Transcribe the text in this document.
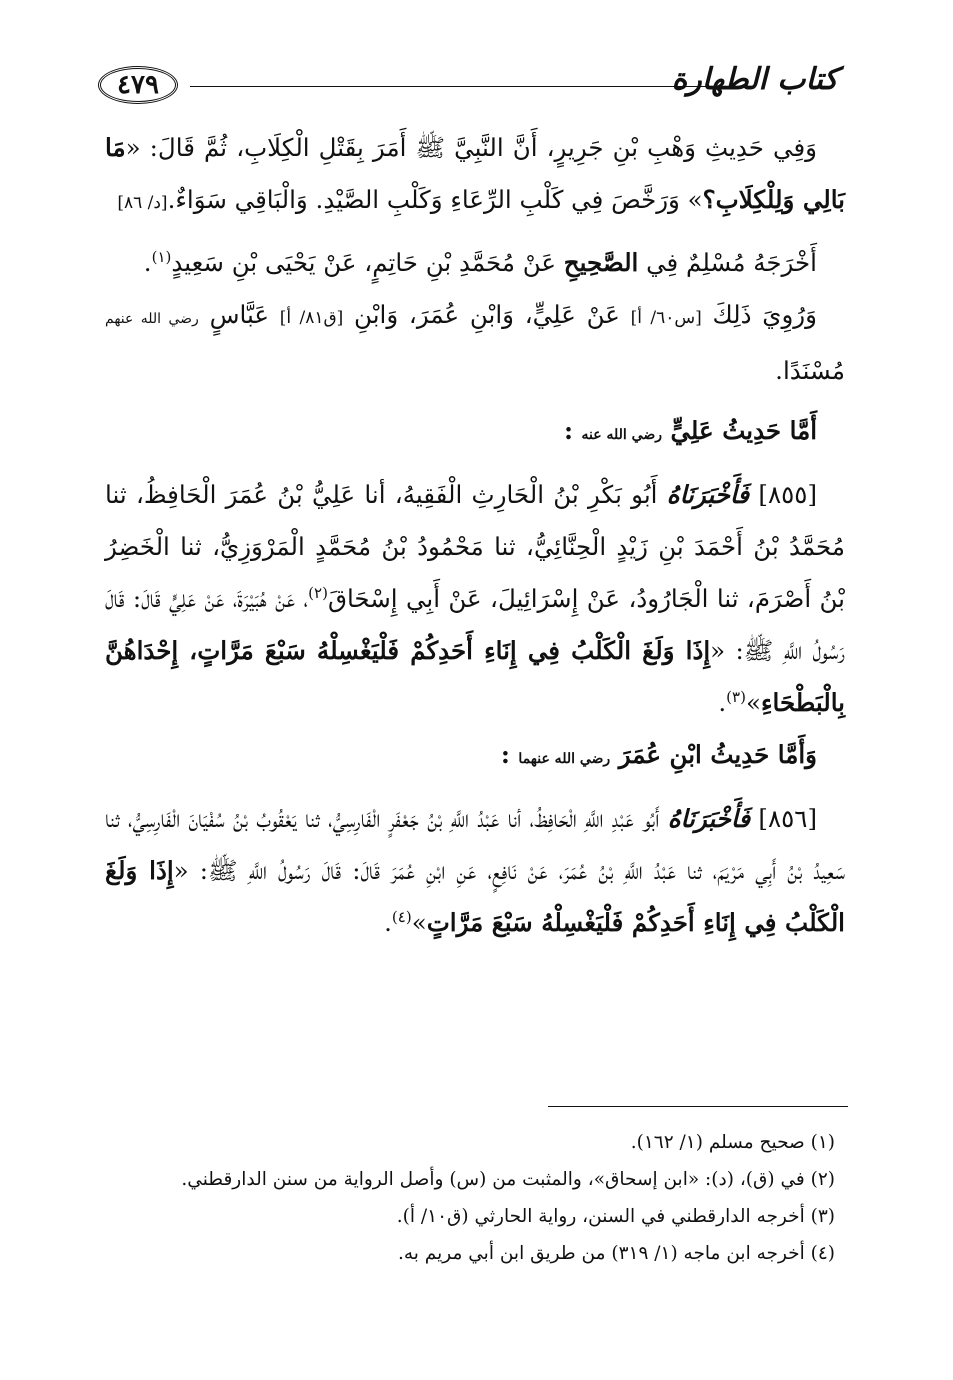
٤٧٩	كتاب الطهارة

وَفِي حَدِيثِ وَهْبِ بْنِ جَرِيرٍ، أَنَّ النَّبِيَّ ﷺ أَمَرَ بِقَتْلِ الْكِلَابِ، ثُمَّ قَالَ: «مَا بَالِي وَلِلْكِلَابِ؟» وَرَخَّصَ فِي كَلْبِ الرِّعَاءِ وَكَلْبِ الصَّيْدِ. وَالْبَاقِي سَوَاءٌ.[د/ ٨٦]

أَخْرَجَهُ مُسْلِمٌ فِي الصَّحِيحِ عَنْ مُحَمَّدِ بْنِ حَاتِمٍ، عَنْ يَحْيَى بْنِ سَعِيدٍ$^{(١)}$.

وَرُوِيَ ذَلِكَ [س٦٠/ أ] عَنْ عَلِيٍّ، وَابْنِ عُمَرَ، وَابْنِ [ق٨١/ أ] عَبَّاسٍ رضي الله عنهم مُسْنَدًا.

أَمَّا حَدِيثُ عَلِيٍّ رضي الله عنه :

[٨٥٥] فَأَخْبَرَنَاهُ أَبُو بَكْرِ بْنُ الْحَارِثِ الْفَقِيهُ، أنا عَلِيُّ بْنُ عُمَرَ الْحَافِظُ، ثنا مُحَمَّدُ بْنُ أَحْمَدَ بْنِ زَيْدٍ الْحِنَّائِيُّ، ثنا مَحْمُودُ بْنُ مُحَمَّدٍ الْمَرْوَزِيُّ، ثنا الْخَضِرُ بْنُ أَصْرَمَ، ثنا الْجَارُودُ، عَنْ إِسْرَائِيلَ، عَنْ أَبِي إِسْحَاقَ$^{(٢)}$، عَنْ هُبَيْرَةَ، عَنْ عَلِيٍّ قَالَ: قَالَ رَسُولُ اللَّهِ ﷺ: «إِذَا وَلَغَ الْكَلْبُ فِي إِنَاءِ أَحَدِكُمْ فَلْيَغْسِلْهُ سَبْعَ مَرَّاتٍ، إِحْدَاهُنَّ بِالْبَطْحَاءِ»$^{(٣)}$.

وَأَمَّا حَدِيثُ ابْنِ عُمَرَ رضي الله عنهما :

[٨٥٦] فَأَخْبَرَنَاهُ أَبُو عَبْدِ اللَّهِ الْحَافِظُ، أنا عَبْدُ اللَّهِ بْنُ جَعْفَرٍ الْفَارِسِيُّ، ثنا يَعْقُوبُ بْنُ سُفْيَانَ الْفَارِسِيُّ، ثنا سَعِيدُ بْنُ أَبِي مَرْيَمَ، ثنا عَبْدُ اللَّهِ بْنُ عُمَرَ، عَنْ نَافِعٍ، عَنِ ابْنِ عُمَرَ قَالَ: قَالَ رَسُولُ اللَّهِ ﷺ: «إِذَا وَلَغَ الْكَلْبُ فِي إِنَاءِ أَحَدِكُمْ فَلْيَغْسِلْهُ سَبْعَ مَرَّاتٍ»$^{(٤)}$.

(١) صحيح مسلم (١/ ١٦٢).

(٢) في (ق)، (د): «ابن إسحاق»، والمثبت من (س) وأصل الرواية من سنن الدارقطني.

(٣) أخرجه الدارقطني في السنن، رواية الحارثي (ق١٠/ أ).

(٤) أخرجه ابن ماجه (١/ ٣١٩) من طريق ابن أبي مريم به.
